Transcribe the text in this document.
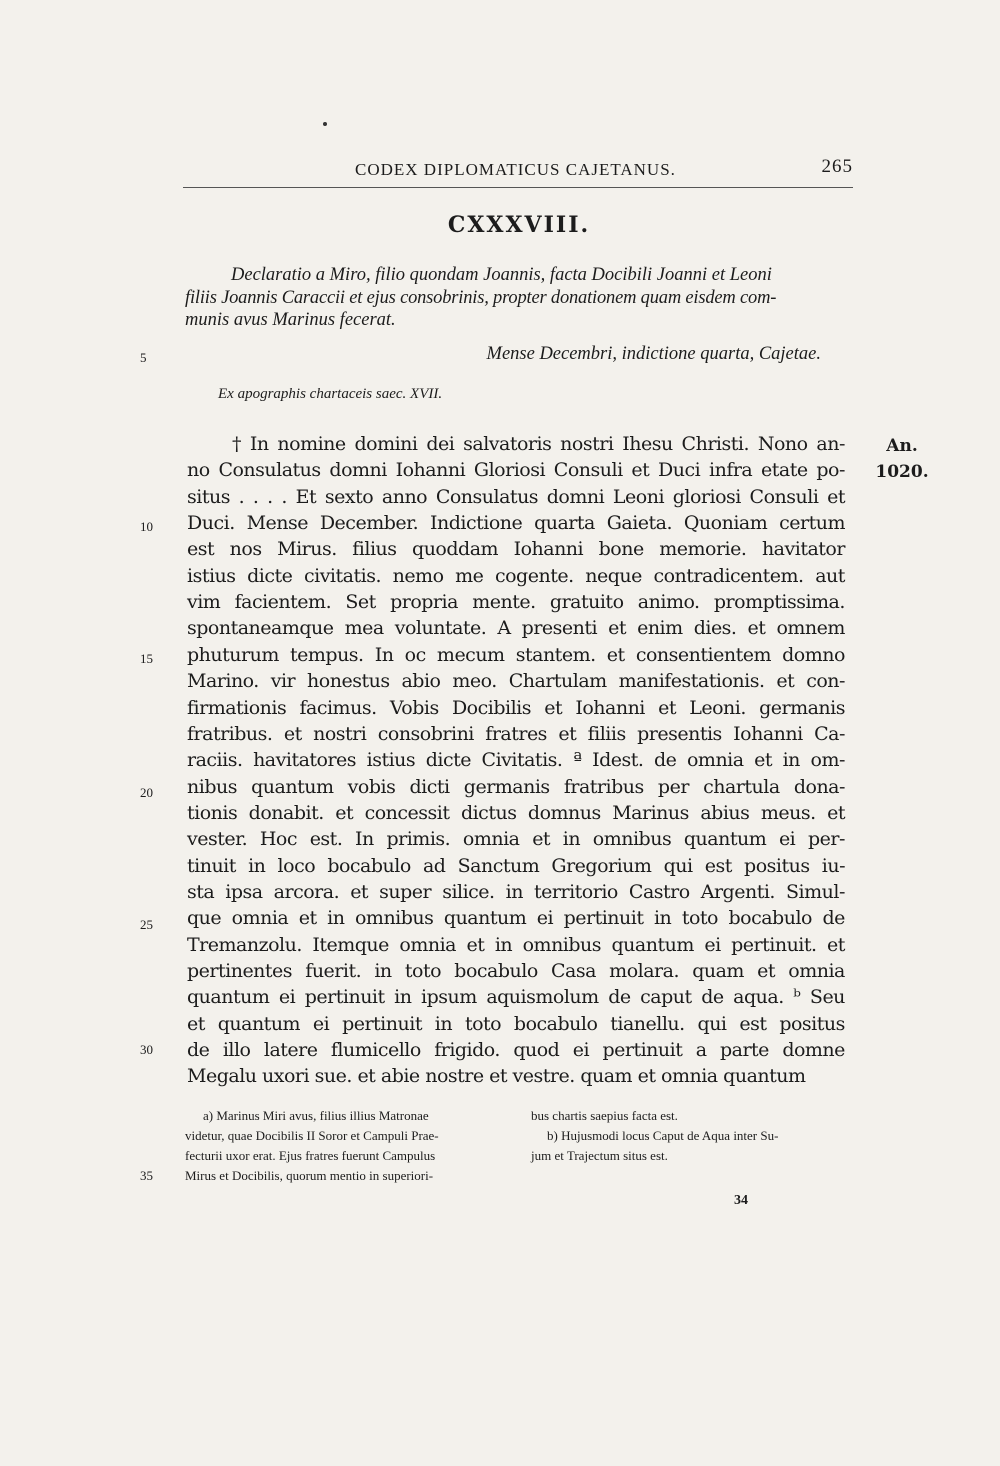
CODEX DIPLOMATICUS CAJETANUS.	265
CXXXVIII.
Declaratio a Miro, filio quondam Joannis, facta Docibili Joanni et Leoni
filiis Joannis Caraccii et ejus consobrinis, propter donationem quam eisdem com-
munis avus Marinus fecerat.
Mense Decembri, indictione quarta, Cajetae.
Ex apographis chartaceis saec. XVII.
An.
1020.
5
10
15
20
25
30
35
† In nomine domini dei salvatoris nostri Ihesu Christi. Nono an-
no Consulatus domni Iohanni Gloriosi Consuli et Duci infra etate po-
situs . . . . Et sexto anno Consulatus domni Leoni gloriosi Consuli et
Duci. Mense December. Indictione quarta Gaieta. Quoniam certum
est nos Mirus. filius quoddam Iohanni bone memorie. havitator
istius dicte civitatis. nemo me cogente. neque contradicentem. aut
vim facientem. Set propria mente. gratuito animo. promptissima.
spontaneamque mea voluntate. A presenti et enim dies. et omnem
phuturum tempus. In oc mecum stantem. et consentientem domno
Marino. vir honestus abio meo. Chartulam manifestationis. et con-
firmationis facimus. Vobis Docibilis et Iohanni et Leoni. germanis
fratribus. et nostri consobrini fratres et filiis presentis Iohanni Ca-
raciis. havitatores istius dicte Civitatis. ª Idest. de omnia et in om-
nibus quantum vobis dicti germanis fratribus per chartula dona-
tionis donabit. et concessit dictus domnus Marinus abius meus. et
vester. Hoc est. In primis. omnia et in omnibus quantum ei per-
tinuit in loco bocabulo ad Sanctum Gregorium qui est positus iu-
sta ipsa arcora. et super silice. in territorio Castro Argenti. Simul-
que omnia et in omnibus quantum ei pertinuit in toto bocabulo de
Tremanzolu. Itemque omnia et in omnibus quantum ei pertinuit. et
pertinentes fuerit. in toto bocabulo Casa molara. quam et omnia
quantum ei pertinuit in ipsum aquismolum de caput de aqua. ᵇ Seu
et quantum ei pertinuit in toto bocabulo tianellu. qui est positus
de illo latere flumicello frigido. quod ei pertinuit a parte domne
Megalu uxori sue. et abie nostre et vestre. quam et omnia quantum
a) Marinus Miri avus, filius illius Matronae
videtur, quae Docibilis II Soror et Campuli Prae-
fecturii uxor erat. Ejus fratres fuerunt Campulus
Mirus et Docibilis, quorum mentio in superiori-
bus chartis saepius facta est.
b) Hujusmodi locus Caput de Aqua inter Su-
jum et Trajectum situs est.
34
